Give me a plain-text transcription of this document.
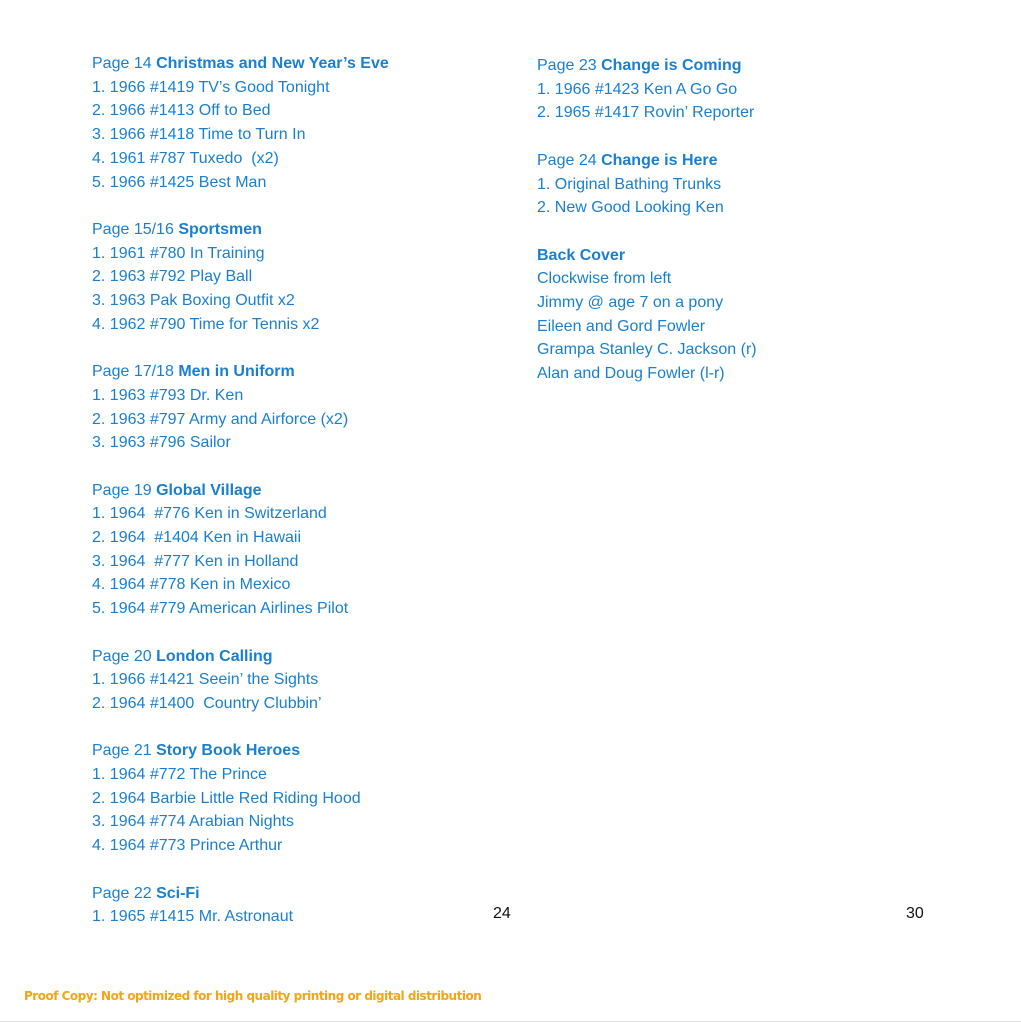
Page 14 Christmas and New Year’s Eve
1. 1966 #1419 TV’s Good Tonight
2. 1966 #1413 Off to Bed
3. 1966 #1418 Time to Turn In
4. 1961 #787 Tuxedo  (x2)
5. 1966 #1425 Best Man
Page 15/16 Sportsmen
1. 1961 #780 In Training
2. 1963 #792 Play Ball
3. 1963 Pak Boxing Outfit x2
4. 1962 #790 Time for Tennis x2
Page 17/18 Men in Uniform
1. 1963 #793 Dr. Ken
2. 1963 #797 Army and Airforce (x2)
3. 1963 #796 Sailor
Page 19 Global Village
1. 1964  #776 Ken in Switzerland
2. 1964  #1404 Ken in Hawaii
3. 1964  #777 Ken in Holland
4. 1964 #778 Ken in Mexico
5. 1964 #779 American Airlines Pilot
Page 20 London Calling
1. 1966 #1421 Seein’ the Sights
2. 1964 #1400  Country Clubbin’
Page 21 Story Book Heroes
1. 1964 #772 The Prince
2. 1964 Barbie Little Red Riding Hood
3. 1964 #774 Arabian Nights
4. 1964 #773 Prince Arthur
Page 22 Sci-Fi
1. 1965 #1415 Mr. Astronaut
Page 23 Change is Coming
1. 1966 #1423 Ken A Go Go
2. 1965 #1417 Rovin’ Reporter
Page 24 Change is Here
1. Original Bathing Trunks
2. New Good Looking Ken
Back Cover
Clockwise from left
Jimmy @ age 7 on a pony
Eileen and Gord Fowler
Grampa Stanley C. Jackson (r)
Alan and Doug Fowler (l-r)
24	30
Proof Copy: Not optimized for high quality printing or digital distribution
